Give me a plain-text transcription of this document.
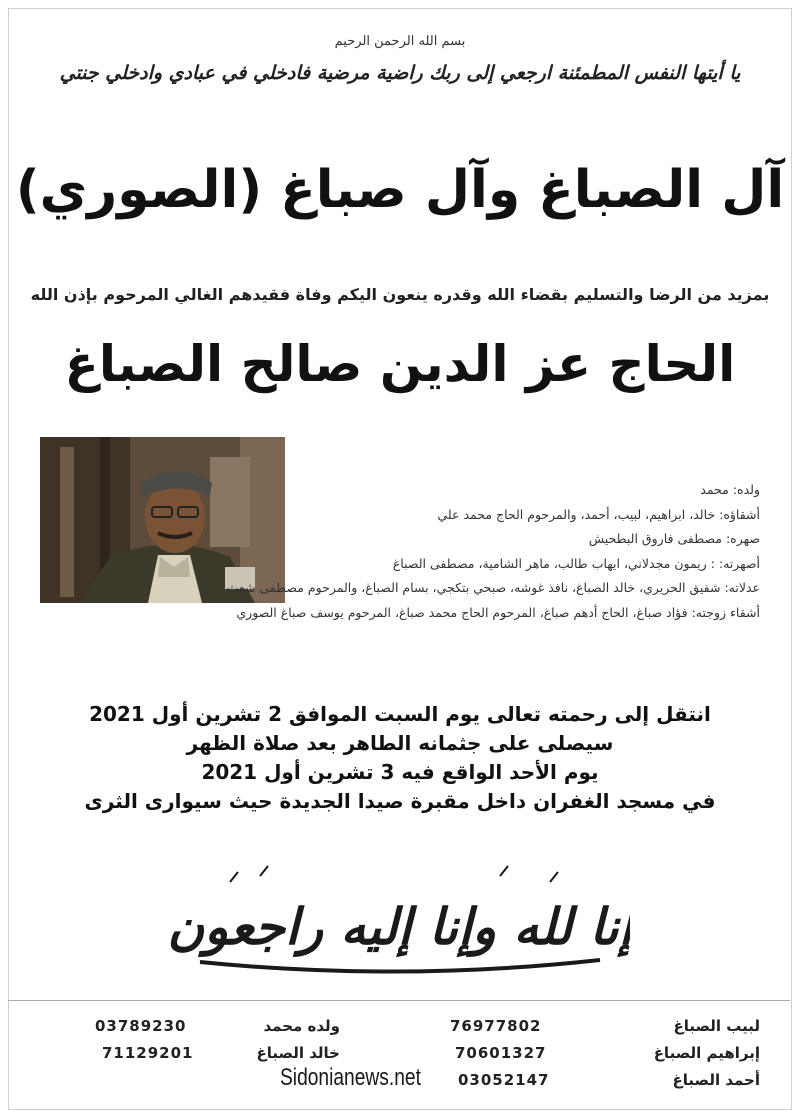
بسم الله الرحمن الرحيم
يا أيتها النفس المطمئنة ارجعي إلى ربك راضية مرضية فادخلي في عبادي وادخلي جنتي
آل الصباغ وآل صباغ (الصوري)
بمزيد من الرضا والتسليم بقضاء الله وقدره ينعون اليكم وفاة فقيدهم الغالي المرحوم بإذن الله
الحاج عز الدين صالح الصباغ
ولده: محمد
أشقاؤه: خالد، ابراهيم، لبيب، أحمد، والمرحوم الحاج محمد علي
صهره: مصطفى فاروق البطحيش
أصهرته: : ريمون مجدلاني، ايهاب طالب، ماهر الشامية، مصطفى الصباغ
عدلاته: شفيق الحريري، خالد الصباغ، نافذ غوشه، صبحي بتكجي، بسام الصباغ، والمرحوم مصطفى شعث
أشقاء زوجته: فؤاد صباغ، الحاج أدهم صباغ، المرحوم الحاج محمد صباغ، المرحوم يوسف صباغ الصوري
انتقل إلى رحمته تعالى يوم السبت الموافق 2 تشرين أول 2021
سيصلى على جثمانه الطاهر بعد صلاة الظهر
يوم الأحد الواقع فيه 3 تشرين أول 2021
في مسجد الغفران داخل مقبرة صيدا الجديدة حيث سيوارى الثرى
إنا لله وإنا إليه راجعون
لبيب الصباغ
76977802
إبراهيم الصباغ
70601327
أحمد الصباغ
03052147
ولده محمد
03789230
خالد الصباغ
71129201
Sidonianews.net
